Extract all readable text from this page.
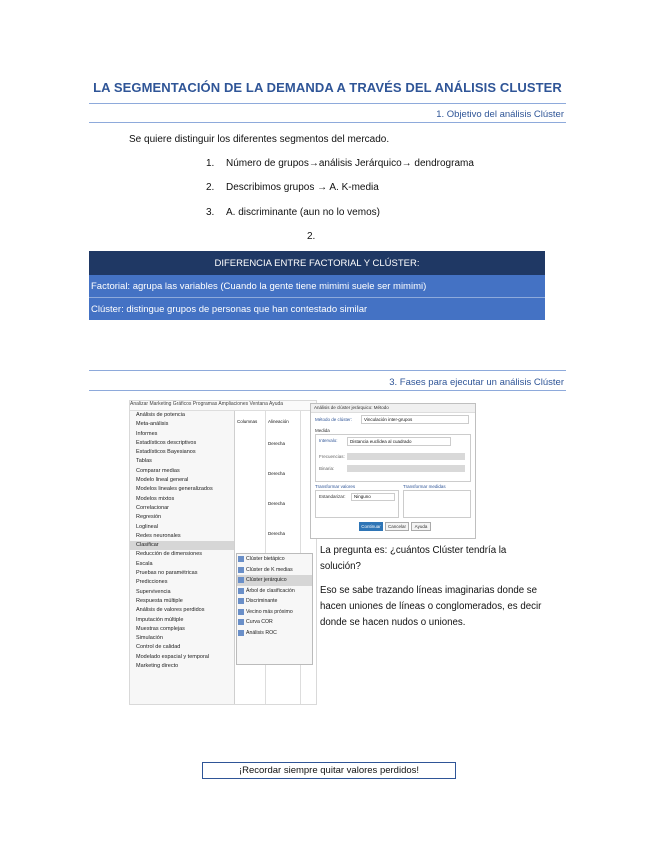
LA SEGMENTACIÓN DE LA DEMANDA A TRAVÉS DEL ANÁLISIS CLUSTER
1. Objetivo del análisis Clúster
Se quiere distinguir los diferentes segmentos del mercado.
1. Número de grupos→análisis Jerárquico→ dendrograma
2. Describimos grupos → A. K-media
3. A. discriminante (aun no lo vemos)
2.
DIFERENCIA ENTRE FACTORIAL Y CLÚSTER:
Factorial: agrupa las variables (Cuando la gente tiene mimimi suele ser mimimi)
Clúster: distingue grupos de personas que han contestado similar
3. Fases para ejecutar un análisis Clúster
Analizar Marketing Gráficos Programas Ampliaciones Ventana Ayuda
Análisis de potencia
Meta-análisis
Informes
Estadísticos descriptivos
Estadísticos Bayesianos
Tablas
Comparar medias
Modelo lineal general
Modelos lineales generalizados
Modelos mixtos
Correlacionar
Regresión
Loglineal
Redes neuronales
Clasificar
Reducción de dimensiones
Escala
Pruebas no paramétricas
Predicciones
Supervivencia
Respuesta múltiple
Análisis de valores perdidos
Imputación múltiple
Muestras complejas
Simulación
Control de calidad
Modelado espacial y temporal
Marketing directo
Columnas Alineación
Derecha
Derecha
Derecha
Derecha
Clúster bietápico
Clúster de K medias
Clúster jerárquico
Árbol de clasificación
Discriminante
Vecino más próximo
Curva COR
Análisis ROC
Análisis de clúster jerárquico: Método
Método de clúster:	Vinculación inter-grupos
Medida
Intervalo:	Distancia euclídea al cuadrado
Frecuencias:
Binaria:
Transformar valores	Transformar medidas
Estandarizar:	Ninguno
Continuar	Cancelar	Ayuda
La pregunta es: ¿cuántos Clúster tendría la solución?
Eso se sabe trazando líneas imaginarias donde se hacen uniones de líneas o conglomerados, es decir donde se hacen nudos o uniones.
¡Recordar siempre quitar valores perdidos!
